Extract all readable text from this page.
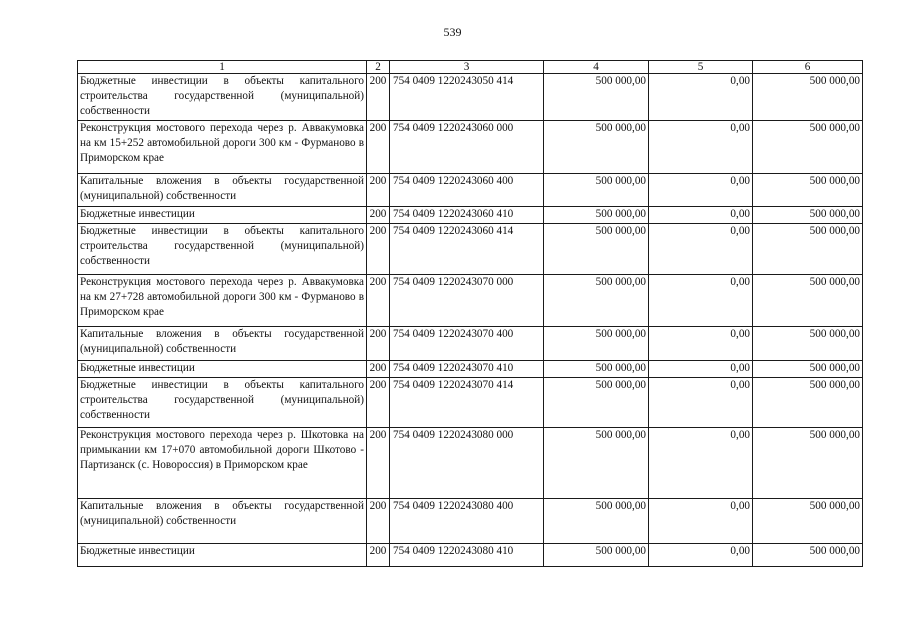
539
1	2	3	4	5	6
Бюджетные инвестиции в объекты капитального строительства государственной (муниципальной) собственности	200	754 0409 1220243050 414	500 000,00	0,00	500 000,00
Реконструкция мостового перехода через р. Аввакумовка на км 15+252 автомобильной дороги 300 км - Фурманово в Приморском крае	200	754 0409 1220243060 000	500 000,00	0,00	500 000,00
Капитальные вложения в объекты государственной (муниципальной) собственности	200	754 0409 1220243060 400	500 000,00	0,00	500 000,00
Бюджетные инвестиции	200	754 0409 1220243060 410	500 000,00	0,00	500 000,00
Бюджетные инвестиции в объекты капитального строительства государственной (муниципальной) собственности	200	754 0409 1220243060 414	500 000,00	0,00	500 000,00
Реконструкция мостового перехода через р. Аввакумовка на км 27+728 автомобильной дороги 300 км - Фурманово в Приморском крае	200	754 0409 1220243070 000	500 000,00	0,00	500 000,00
Капитальные вложения в объекты государственной (муниципальной) собственности	200	754 0409 1220243070 400	500 000,00	0,00	500 000,00
Бюджетные инвестиции	200	754 0409 1220243070 410	500 000,00	0,00	500 000,00
Бюджетные инвестиции в объекты капитального строительства государственной (муниципальной) собственности	200	754 0409 1220243070 414	500 000,00	0,00	500 000,00
Реконструкция мостового перехода через р. Шкотовка на примыкании км 17+070 автомобильной дороги Шкотово - Партизанск (с. Новороссия) в Приморском крае	200	754 0409 1220243080 000	500 000,00	0,00	500 000,00
Капитальные вложения в объекты государственной (муниципальной) собственности	200	754 0409 1220243080 400	500 000,00	0,00	500 000,00
Бюджетные инвестиции	200	754 0409 1220243080 410	500 000,00	0,00	500 000,00
